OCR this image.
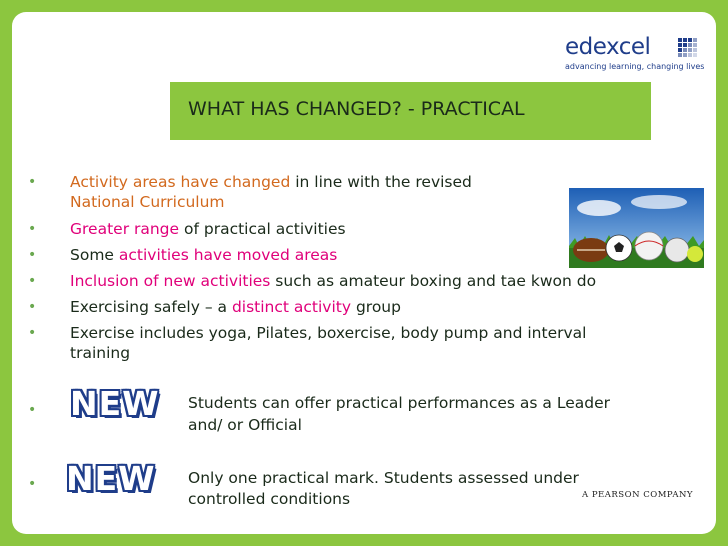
edexcel
advancing learning, changing lives
WHAT HAS CHANGED? - PRACTICAL
• Activity areas have changed in line with the revised
National Curriculum
• Greater range of practical activities
• Some activities have moved areas
• Inclusion of new activities such as amateur boxing and tae kwon do
• Exercising safely – a distinct activity group
• Exercise includes yoga, Pilates, boxercise, body pump and interval
training
• NEW Students can offer practical performances as a Leader
and/ or Official
• NEW Only one practical mark. Students assessed under
controlled conditions	A PEARSON COMPANY
